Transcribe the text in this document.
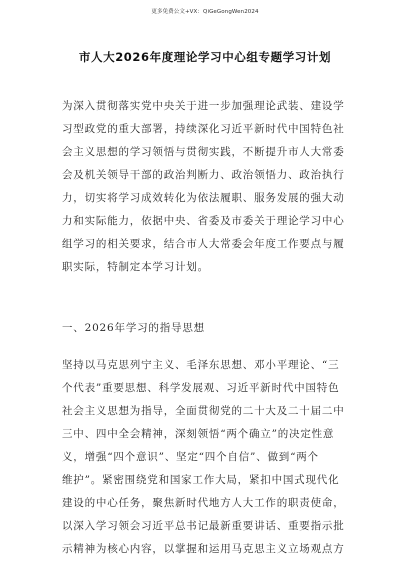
更多免费公文+VX：QiGeGongWen2024
市人大2026年度理论学习中心组专题学习计划
为深入贯彻落实党中央关于进一步加强理论武装、建设学
习型政党的重大部署，持续深化习近平新时代中国特色社
会主义思想的学习领悟与贯彻实践，不断提升市人大常委
会及机关领导干部的政治判断力、政治领悟力、政治执行
力，切实将学习成效转化为依法履职、服务发展的强大动
力和实际能力，依据中央、省委及市委关于理论学习中心
组学习的相关要求，结合市人大常委会年度工作要点与履
职实际，特制定本学习计划。
一、2026年学习的指导思想
坚持以马克思列宁主义、毛泽东思想、邓小平理论、“三
个代表”重要思想、科学发展观、习近平新时代中国特色
社会主义思想为指导，全面贯彻党的二十大及二十届二中
三中、四中全会精神，深刻领悟“两个确立”的决定性意
义，增强“四个意识”、坚定“四个自信”、做到“两个
维护”。紧密围绕党和国家工作大局，紧扣中国式现代化
建设的中心任务，聚焦新时代地方人大工作的职责使命，
以深入学习领会习近平总书记最新重要讲话、重要指示批
示精神为核心内容，以掌握和运用马克思主义立场观点方
